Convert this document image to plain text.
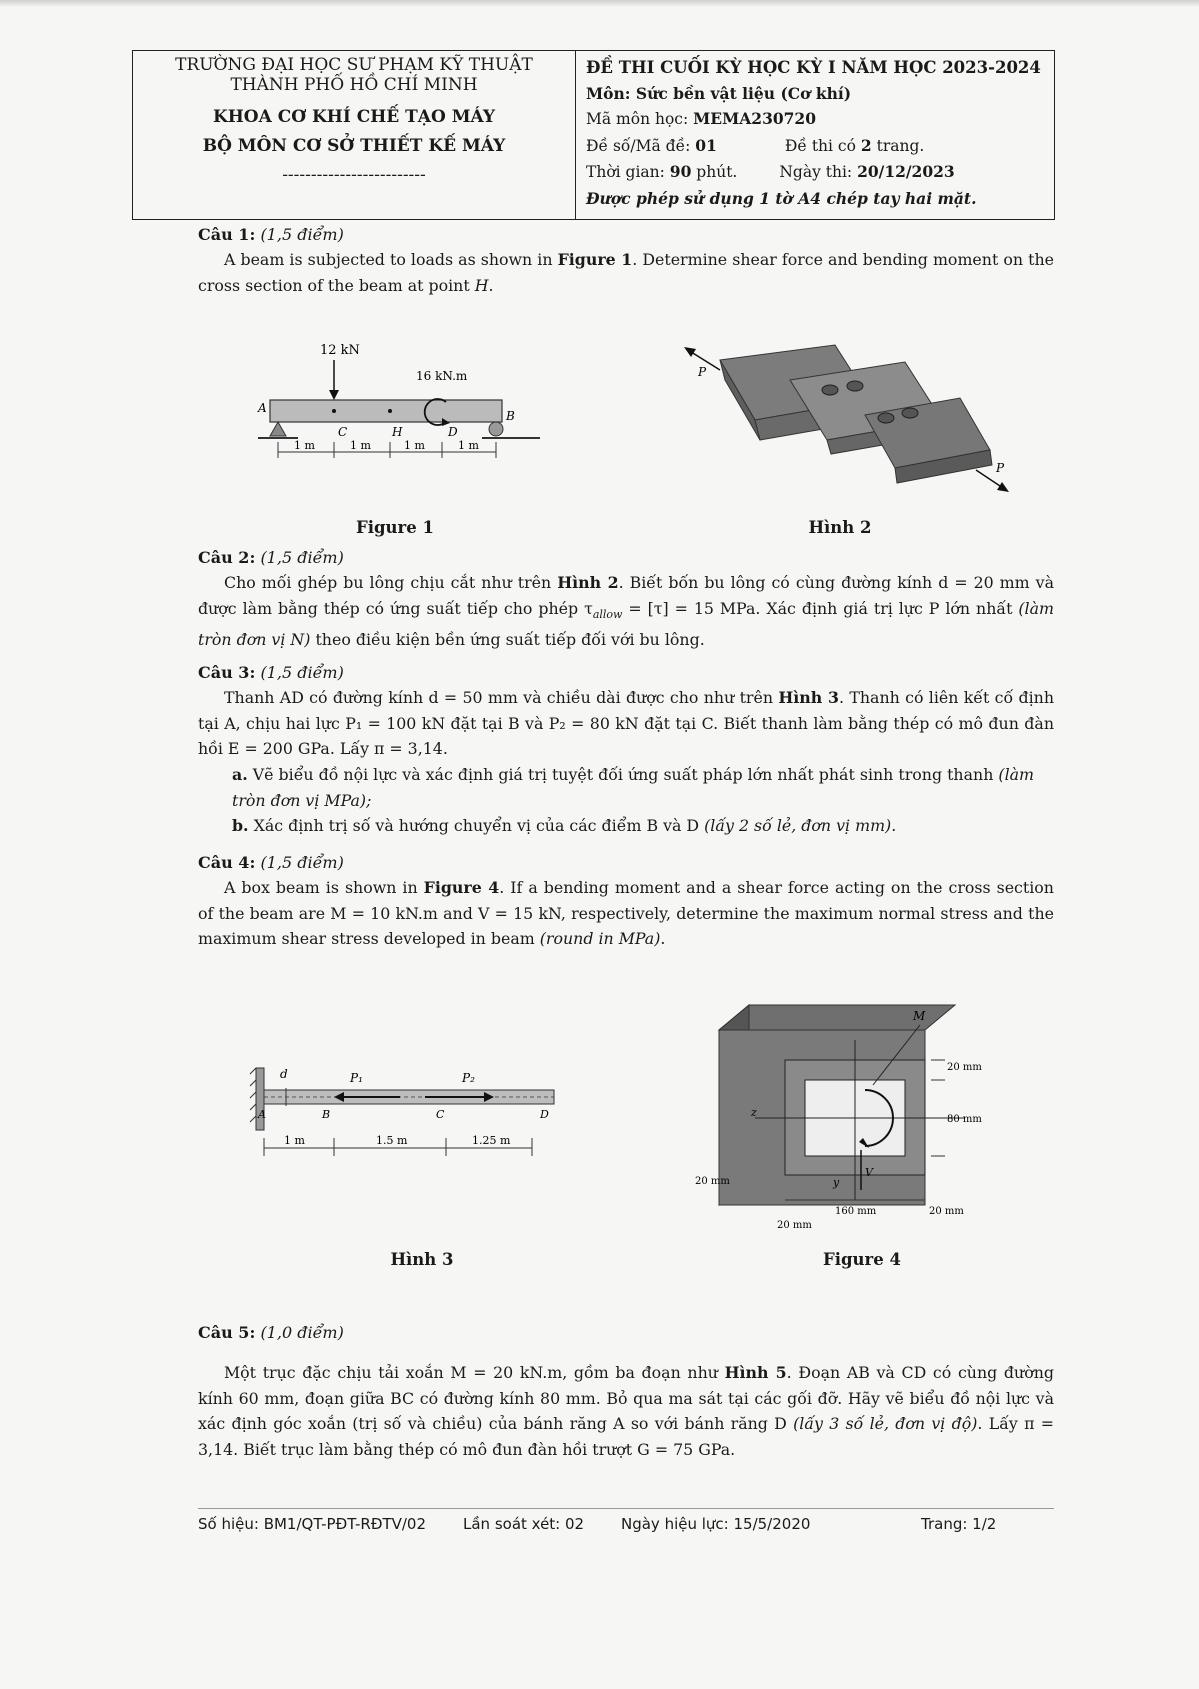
TRƯỜNG ĐẠI HỌC SƯ PHẠM KỸ THUẬT
THÀNH PHỐ HỒ CHÍ MINH
KHOA CƠ KHÍ CHẾ TẠO MÁY
BỘ MÔN CƠ SỞ THIẾT KẾ MÁY
-------------------------
ĐỀ THI CUỐI KỲ HỌC KỲ I NĂM HỌC 2023-2024
Môn: Sức bền vật liệu (Cơ khí)
Mã môn học: MEMA230720
Đề số/Mã đề: 01	Đề thi có 2 trang.
Thời gian: 90 phút.	Ngày thi: 20/12/2023
Được phép sử dụng 1 tờ A4 chép tay hai mặt.
Câu 1: (1,5 điểm)
A beam is subjected to loads as shown in Figure 1. Determine shear force and bending moment on the cross section of the beam at point H.
12 kN
16 kN.m
A
C	H	D
B
1 m	1 m	1 m	1 m
Figure 1
P
P
Hình 2
Câu 2: (1,5 điểm)
Cho mối ghép bu lông chịu cắt như trên Hình 2. Biết bốn bu lông có cùng đường kính d = 20 mm và được làm bằng thép có ứng suất tiếp cho phép $\tau_{allow} = [\tau] = 15$ MPa. Xác định giá trị lực P lớn nhất (làm tròn đơn vị N) theo điều kiện bền ứng suất tiếp đối với bu lông.
Câu 3: (1,5 điểm)
Thanh AD có đường kính d = 50 mm và chiều dài được cho như trên Hình 3. Thanh có liên kết cố định tại A, chịu hai lực P₁ = 100 kN đặt tại B và P₂ = 80 kN đặt tại C. Biết thanh làm bằng thép có mô đun đàn hồi E = 200 GPa. Lấy π = 3,14.
a. Vẽ biểu đồ nội lực và xác định giá trị tuyệt đối ứng suất pháp lớn nhất phát sinh trong thanh (làm tròn đơn vị MPa);
b. Xác định trị số và hướng chuyển vị của các điểm B và D (lấy 2 số lẻ, đơn vị mm).
Câu 4: (1,5 điểm)
A box beam is shown in Figure 4. If a bending moment and a shear force acting on the cross section of the beam are M = 10 kN.m and V = 15 kN, respectively, determine the maximum normal stress and the maximum shear stress developed in beam (round in MPa).
d	P₁	P₂
A	B	C	D
1 m	1.5 m	1.25 m
Hình 3
z
y
M
V
20 mm
80 mm
20 mm
160 mm	20 mm
20 mm
Figure 4
Câu 5: (1,0 điểm)
Một trục đặc chịu tải xoắn M = 20 kN.m, gồm ba đoạn như Hình 5. Đoạn AB và CD có cùng đường kính 60 mm, đoạn giữa BC có đường kính 80 mm. Bỏ qua ma sát tại các gối đỡ. Hãy vẽ biểu đồ nội lực và xác định góc xoắn (trị số và chiều) của bánh răng A so với bánh răng D (lấy 3 số lẻ, đơn vị độ). Lấy π = 3,14. Biết trục làm bằng thép có mô đun đàn hồi trượt G = 75 GPa.
Số hiệu: BM1/QT-PĐT-RĐTV/02 Lần soát xét: 02 Ngày hiệu lực: 15/5/2020	Trang: 1/2
